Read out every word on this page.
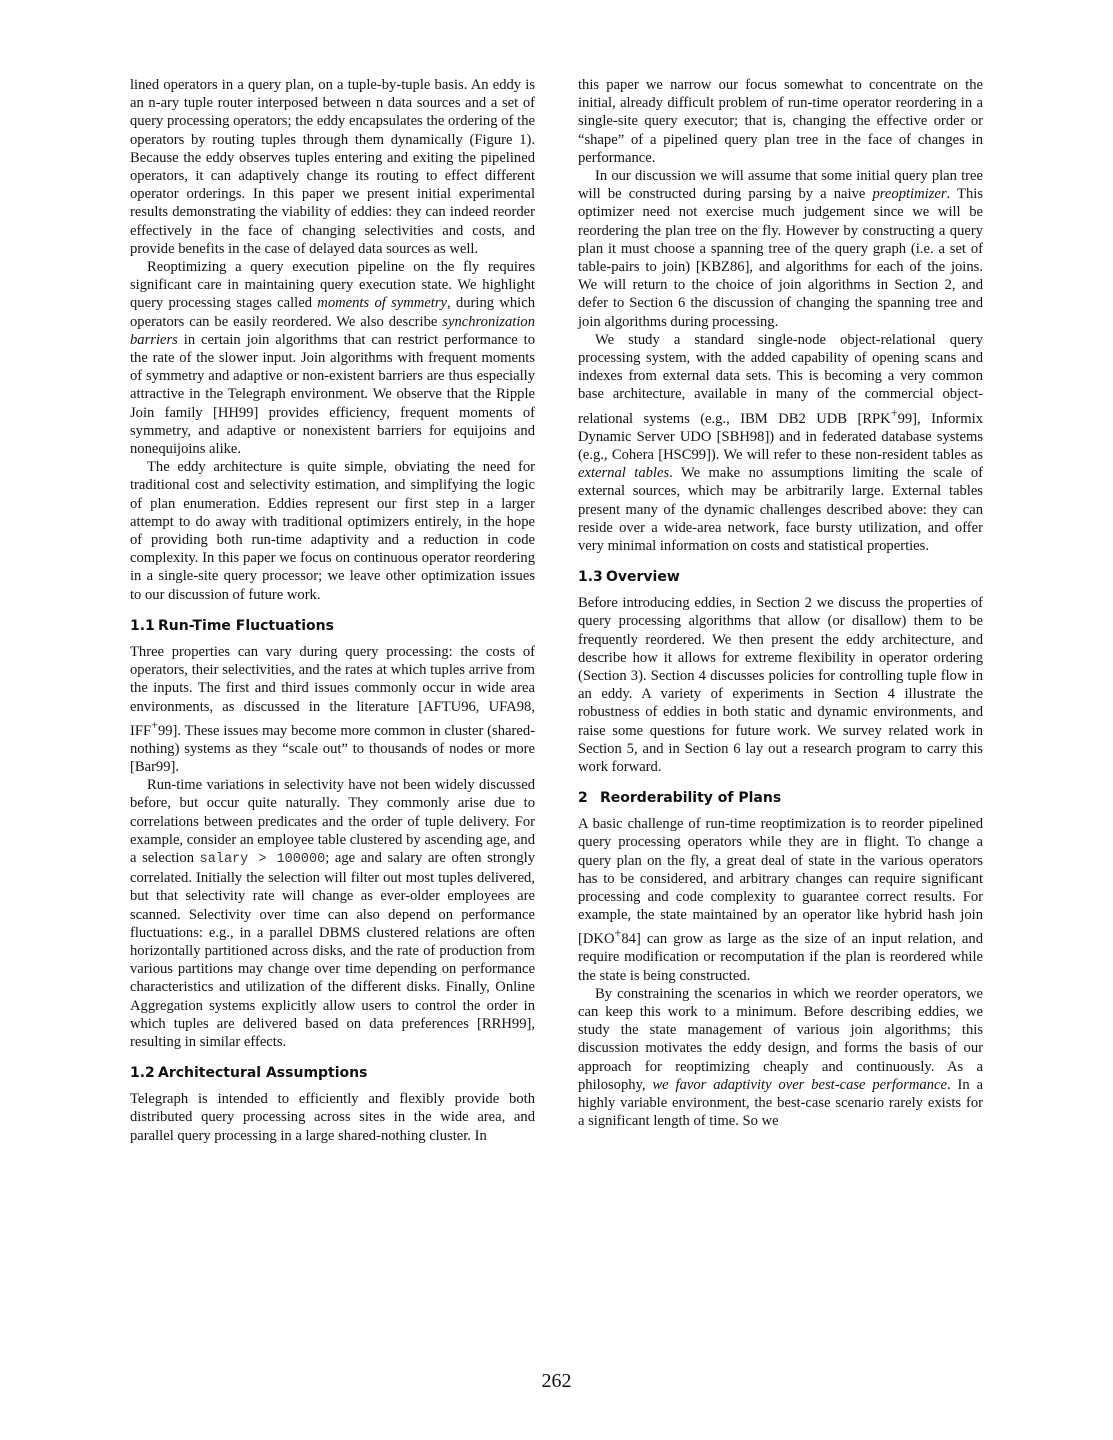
lined operators in a query plan, on a tuple-by-tuple basis. An eddy is an n-ary tuple router interposed between n data sources and a set of query processing operators; the eddy encapsulates the ordering of the operators by routing tuples through them dynamically (Figure 1). Because the eddy observes tuples entering and exiting the pipelined operators, it can adaptively change its routing to effect different operator orderings. In this paper we present initial experimental results demonstrating the viability of eddies: they can indeed reorder effectively in the face of changing selectivities and costs, and provide benefits in the case of delayed data sources as well.

Reoptimizing a query execution pipeline on the fly requires significant care in maintaining query execution state. We highlight query processing stages called moments of symmetry, during which operators can be easily reordered. We also describe synchronization barriers in certain join algorithms that can restrict performance to the rate of the slower input. Join algorithms with frequent moments of symmetry and adaptive or non-existent barriers are thus especially attractive in the Telegraph environment. We observe that the Ripple Join family [HH99] provides efficiency, frequent moments of symmetry, and adaptive or nonexistent barriers for equijoins and nonequijoins alike.

The eddy architecture is quite simple, obviating the need for traditional cost and selectivity estimation, and simplifying the logic of plan enumeration. Eddies represent our first step in a larger attempt to do away with traditional optimizers entirely, in the hope of providing both run-time adaptivity and a reduction in code complexity. In this paper we focus on continuous operator reordering in a single-site query processor; we leave other optimization issues to our discussion of future work.

1.1 Run-Time Fluctuations

Three properties can vary during query processing: the costs of operators, their selectivities, and the rates at which tuples arrive from the inputs. The first and third issues commonly occur in wide area environments, as discussed in the literature [AFTU96, UFA98, IFF+99]. These issues may become more common in cluster (shared-nothing) systems as they “scale out” to thousands of nodes or more [Bar99].

Run-time variations in selectivity have not been widely discussed before, but occur quite naturally. They commonly arise due to correlations between predicates and the order of tuple delivery. For example, consider an employee table clustered by ascending age, and a selection salary > 100000; age and salary are often strongly correlated. Initially the selection will filter out most tuples delivered, but that selectivity rate will change as ever-older employees are scanned. Selectivity over time can also depend on performance fluctuations: e.g., in a parallel DBMS clustered relations are often horizontally partitioned across disks, and the rate of production from various partitions may change over time depending on performance characteristics and utilization of the different disks. Finally, Online Aggregation systems explicitly allow users to control the order in which tuples are delivered based on data preferences [RRH99], resulting in similar effects.

1.2 Architectural Assumptions

Telegraph is intended to efficiently and flexibly provide both distributed query processing across sites in the wide area, and parallel query processing in a large shared-nothing cluster. In

this paper we narrow our focus somewhat to concentrate on the initial, already difficult problem of run-time operator reordering in a single-site query executor; that is, changing the effective order or “shape” of a pipelined query plan tree in the face of changes in performance.

In our discussion we will assume that some initial query plan tree will be constructed during parsing by a naive preoptimizer. This optimizer need not exercise much judgement since we will be reordering the plan tree on the fly. However by constructing a query plan it must choose a spanning tree of the query graph (i.e. a set of table-pairs to join) [KBZ86], and algorithms for each of the joins. We will return to the choice of join algorithms in Section 2, and defer to Section 6 the discussion of changing the spanning tree and join algorithms during processing.

We study a standard single-node object-relational query processing system, with the added capability of opening scans and indexes from external data sets. This is becoming a very common base architecture, available in many of the commercial object-relational systems (e.g., IBM DB2 UDB [RPK+99], Informix Dynamic Server UDO [SBH98]) and in federated database systems (e.g., Cohera [HSC99]). We will refer to these non-resident tables as external tables. We make no assumptions limiting the scale of external sources, which may be arbitrarily large. External tables present many of the dynamic challenges described above: they can reside over a wide-area network, face bursty utilization, and offer very minimal information on costs and statistical properties.

1.3 Overview

Before introducing eddies, in Section 2 we discuss the properties of query processing algorithms that allow (or disallow) them to be frequently reordered. We then present the eddy architecture, and describe how it allows for extreme flexibility in operator ordering (Section 3). Section 4 discusses policies for controlling tuple flow in an eddy. A variety of experiments in Section 4 illustrate the robustness of eddies in both static and dynamic environments, and raise some questions for future work. We survey related work in Section 5, and in Section 6 lay out a research program to carry this work forward.

2 Reorderability of Plans

A basic challenge of run-time reoptimization is to reorder pipelined query processing operators while they are in flight. To change a query plan on the fly, a great deal of state in the various operators has to be considered, and arbitrary changes can require significant processing and code complexity to guarantee correct results. For example, the state maintained by an operator like hybrid hash join [DKO+84] can grow as large as the size of an input relation, and require modification or recomputation if the plan is reordered while the state is being constructed.

By constraining the scenarios in which we reorder operators, we can keep this work to a minimum. Before describing eddies, we study the state management of various join algorithms; this discussion motivates the eddy design, and forms the basis of our approach for reoptimizing cheaply and continuously. As a philosophy, we favor adaptivity over best-case performance. In a highly variable environment, the best-case scenario rarely exists for a significant length of time. So we

262
